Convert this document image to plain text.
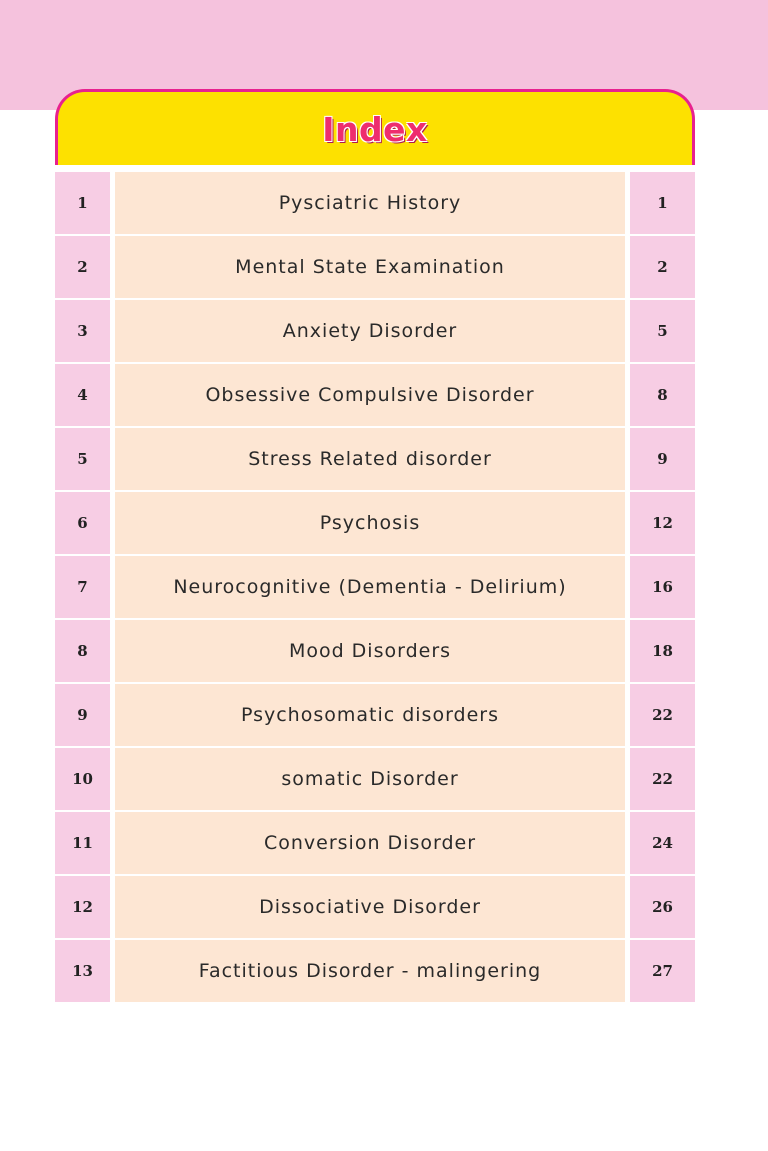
Index
1	Pysciatric History	1
2	Mental State Examination	2
3	Anxiety Disorder	5
4	Obsessive Compulsive Disorder	8
5	Stress Related disorder	9
6	Psychosis	12
7	Neurocognitive (Dementia - Delirium)	16
8	Mood Disorders	18
9	Psychosomatic disorders	22
10	somatic Disorder	22
11	Conversion Disorder	24
12	Dissociative Disorder	26
13	Factitious Disorder - malingering	27
